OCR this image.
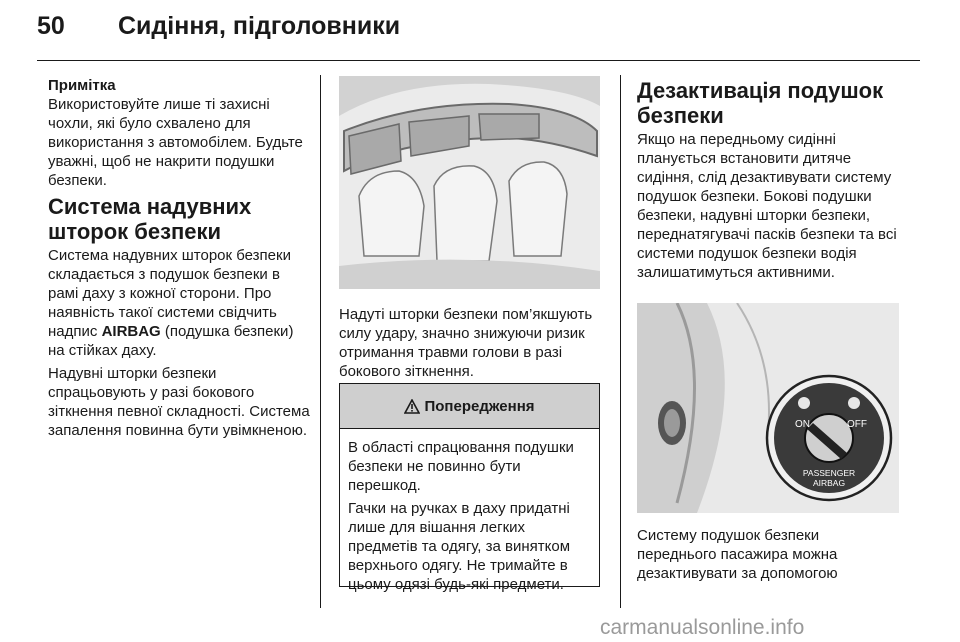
50 Сидіння, підголовники
Примітка

Використовуйте лише ті захисні чохли, які було схвалено для використання з автомобілем. Будьте уважні, щоб не накрити подушки безпеки.

Система надувних шторок безпеки

Система надувних шторок безпеки складається з подушок безпеки в рамі даху з кожної сторони. Про наявність такої системи свідчить надпис AIRBAG (подушка безпеки) на стійках даху.

Надувні шторки безпеки спрацьовують у разі бокового зіткнення певної складності. Система запалення повинна бути увімкненою.

Надуті шторки безпеки пом’якшують силу удару, значно знижуючи ризик отримання травми голови в разі бокового зіткнення.

Попередження

В області спрацювання подушки безпеки не повинно бути перешкод.

Гачки на ручках в даху придатні лише для вішання легких предметів та одягу, за винятком верхнього одягу. Не тримайте в цьому одязі будь-які предмети.

Дезактивація подушок безпеки

Якщо на передньому сидінні планується встановити дитяче сидіння, слід дезактивувати систему подушок безпеки. Бокові подушки безпеки, надувні шторки безпеки, переднатягувачі пасків безпеки та всі системи подушок безпеки водія залишатимуться активними.

ON	OFF
PASSENGER
AIRBAG

Систему подушок безпеки переднього пасажира можна дезактивувати за допомогою

carmanualsonline.info
